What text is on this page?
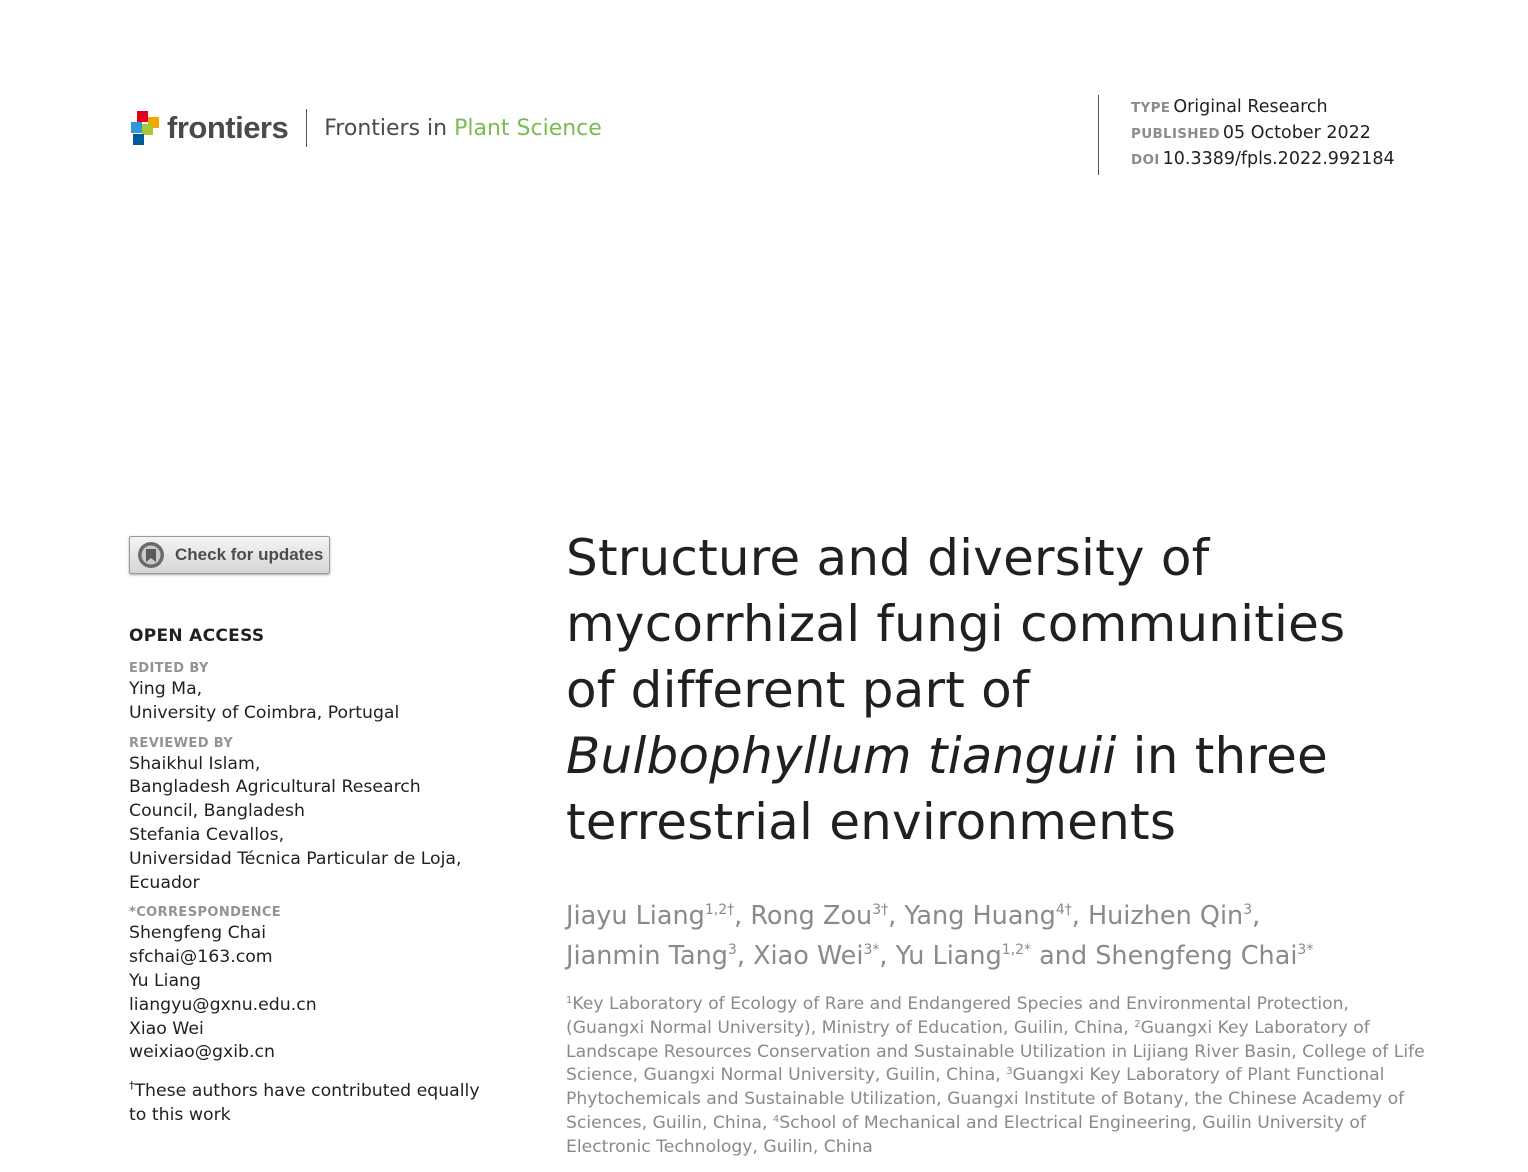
frontiers Frontiers in Plant Science
TYPE Original Research
PUBLISHED 05 October 2022
DOI 10.3389/fpls.2022.992184
Check for updates
OPEN ACCESS
EDITED BY
Ying Ma,
University of Coimbra, Portugal
REVIEWED BY
Shaikhul Islam,
Bangladesh Agricultural Research
Council, Bangladesh
Stefania Cevallos,
Universidad Técnica Particular de Loja,
Ecuador
*CORRESPONDENCE
Shengfeng Chai
sfchai@163.com
Yu Liang
liangyu@gxnu.edu.cn
Xiao Wei
weixiao@gxib.cn
†These authors have contributed equally to this work
Structure and diversity of
mycorrhizal fungi communities
of different part of
Bulbophyllum tianguii in three
terrestrial environments
Jiayu Liang$^{1,2\dagger}$, Rong Zou$^{3\dagger}$, Yang Huang$^{4\dagger}$, Huizhen Qin$^3$,
Jianmin Tang$^3$, Xiao Wei$^{3*}$, Yu Liang$^{1,2*}$ and Shengfeng Chai$^{3*}$
$^1$Key Laboratory of Ecology of Rare and Endangered Species and Environmental Protection, (Guangxi Normal University), Ministry of Education, Guilin, China, $^2$Guangxi Key Laboratory of Landscape Resources Conservation and Sustainable Utilization in Lijiang River Basin, College of Life Science, Guangxi Normal University, Guilin, China, $^3$Guangxi Key Laboratory of Plant Functional Phytochemicals and Sustainable Utilization, Guangxi Institute of Botany, the Chinese Academy of Sciences, Guilin, China, $^4$School of Mechanical and Electrical Engineering, Guilin University of Electronic Technology, Guilin, China
